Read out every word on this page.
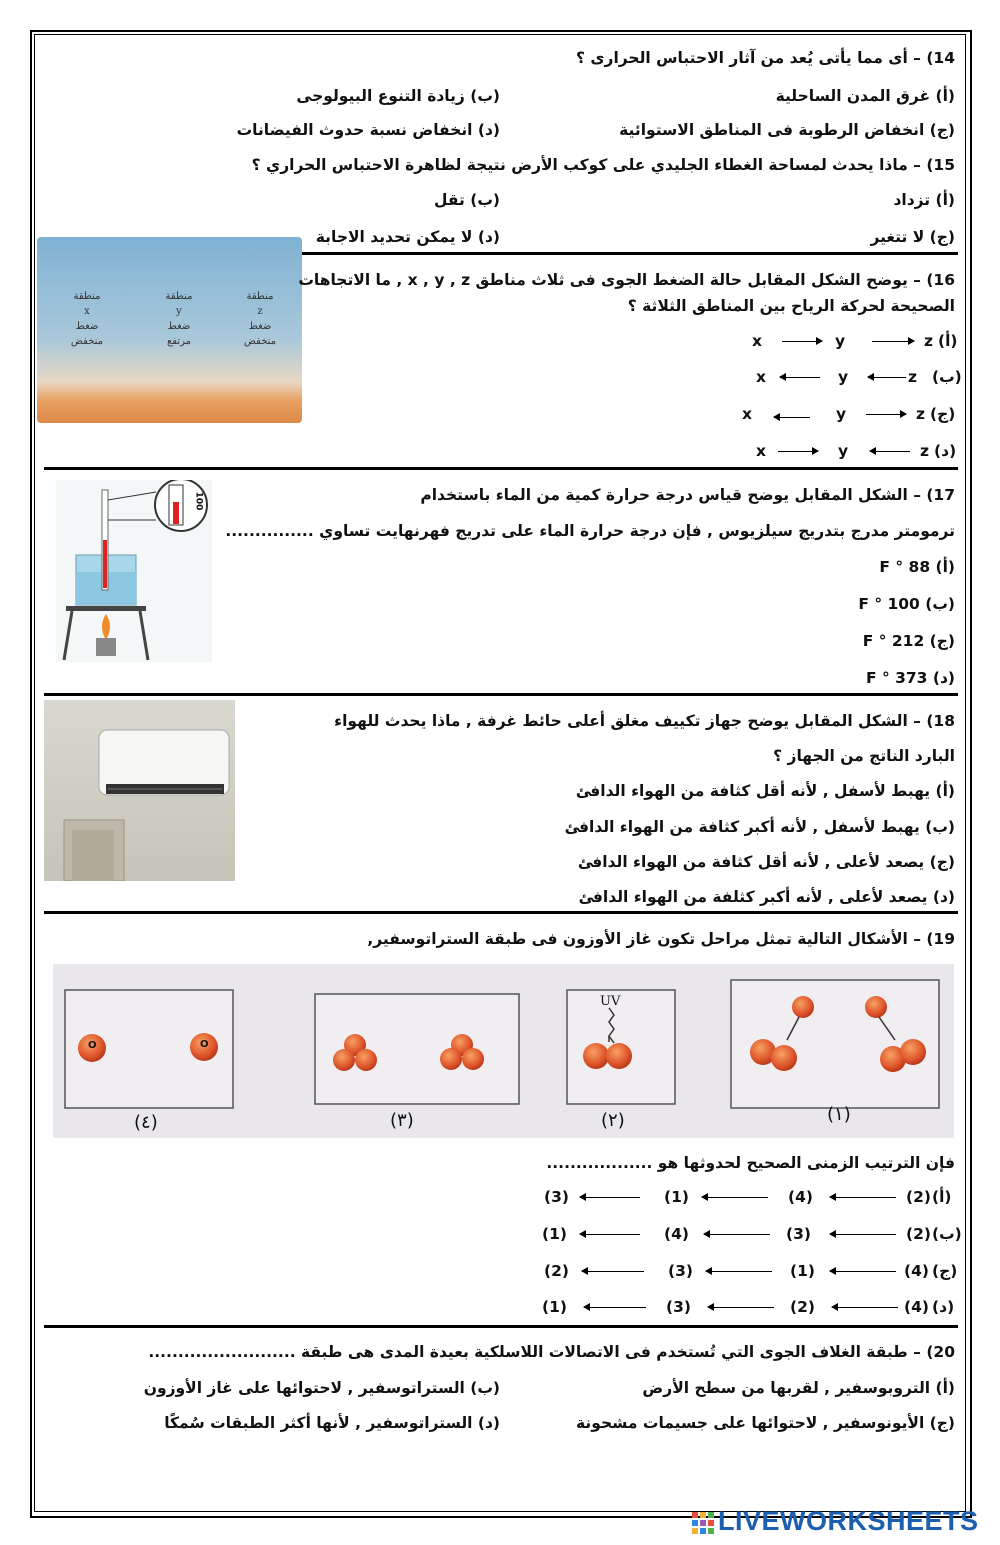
14) – أى مما يأتى يُعد من آثار الاحتباس الحرارى ؟
(أ) غرق المدن الساحلية
(ب) زيادة التنوع البيولوجى
(ج) انخفاض الرطوبة فى المناطق الاستوائية
(د) انخفاض نسبة حدوث الفيضانات
15) – ماذا يحدث لمساحة الغطاء الجليدي على كوكب الأرض نتيجة لظاهرة الاحتباس الحراري ؟
(أ) تزداد
(ب) تقل
(ج) لا تتغير
(د) لا يمكن تحديد الاجابة
منطقة
x
ضغط
منخفض
منطقة
y
ضغط
مرتفع
منطقة
z
ضغط
منخفض
16) – يوضح الشكل المقابل حالة الضغط الجوى فى ثلاث مناطق x , y , z , ما الاتجاهات
الصحيحة لحركة الرياح بين المناطق الثلاثة ؟
x	y	z (أ)
x	y	z (ب)
x	y	z (ج)
x	y	z (د)
100	17) – الشكل المقابل يوضح قياس درجة حرارة كمية من الماء باستخدام
ترمومتر مدرج بتدريج سيلزيوس , فإن درجة حرارة الماء على تدريج فهرنهايت تساوي ...............
(أ) F ° 88
(ب) F ° 100
(ج) F ° 212
(د) F ° 373
18) – الشكل المقابل يوضح جهاز تكييف مغلق أعلى حائط غرفة , ماذا يحدث للهواء
البارد الناتج من الجهاز ؟
(أ) يهبط لأسفل , لأنه أقل كثافة من الهواء الدافئ
(ب) يهبط لأسفل , لأنه أكبر كثافة من الهواء الدافئ
(ج) يصعد لأعلى , لأنه أقل كثافة من الهواء الدافئ
(د) يصعد لأعلى , لأنه أكبر كثلفة من الهواء الدافئ
19) – الأشكال التالية تمثل مراحل تكون غاز الأوزون فى طبقة الستراتوسفير,
UV
(٤)	(٣)	(٢)	(١)
O	O
فإن الترتيب الزمنى الصحيح لحدوثها هو ..................
(3)	(1)	(4)	(2) (أ)
(1)	(4)	(3)	(2) (ب)
(2)	(3)	(1)	(4) (ج)
(1)	(3)	(2)	(4) (د)
20) – طبقة الغلاف الجوى التي تُستخدم فى الاتصالات اللاسلكية بعيدة المدى هى طبقة .........................
(أ) التروبوسفير , لقربها من سطح الأرض
(ب) الستراتوسفير , لاحتوائها على غاز الأوزون
(ج) الأيونوسفير , لاحتوائها على جسيمات مشحونة
(د) الستراتوسفير , لأنها أكثر الطبقات سُمكًا
LIVEWORKSHEETS
